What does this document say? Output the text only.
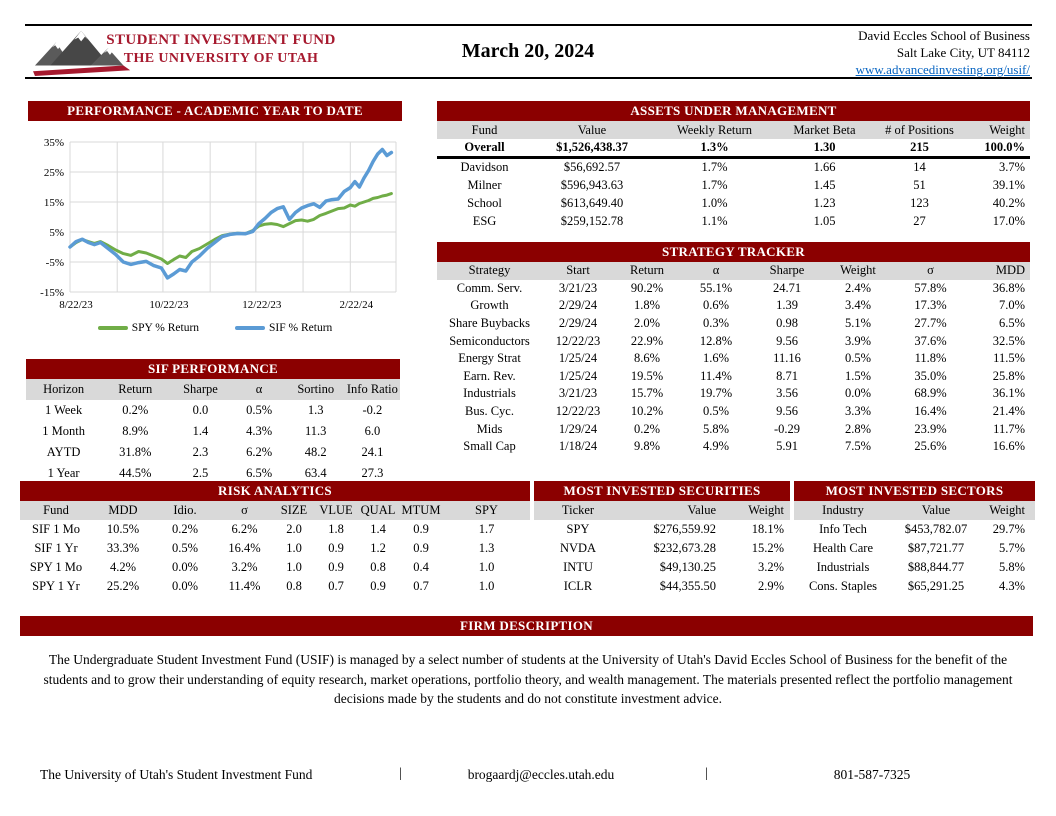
STUDENT INVESTMENT FUND
THE UNIVERSITY OF UTAH	March 20, 2024
David Eccles School of Business
Salt Lake City, UT 84112
www.advancedinvesting.org/usif/
PERFORMANCE - ACADEMIC YEAR TO DATE
35%
25%
15%
5%
-5%
-15%
8/22/23	10/22/23	12/22/23	2/22/24
SPY % Return	SIF % Return
SIF PERFORMANCE
Horizon	Return	Sharpe	α	Sortino	Info Ratio
1 Week	0.2%	0.0	0.5%	1.3	-0.2
1 Month	8.9%	1.4	4.3%	11.3	6.0
AYTD	31.8%	2.3	6.2%	48.2	24.1
1 Year	44.5%	2.5	6.5%	63.4	27.3
ASSETS UNDER MANAGEMENT
Fund	Value	Weekly Return	Market Beta	# of Positions	Weight
Overall	$1,526,438.37	1.3%	1.30	215	100.0%
Davidson	$56,692.57	1.7%	1.66	14	3.7%
Milner	$596,943.63	1.7%	1.45	51	39.1%
School	$613,649.40	1.0%	1.23	123	40.2%
ESG	$259,152.78	1.1%	1.05	27	17.0%
STRATEGY TRACKER
Strategy	Start	Return	α	Sharpe	Weight	σ	MDD
Comm. Serv.	3/21/23	90.2%	55.1%	24.71	2.4%	57.8%	36.8%
Growth	2/29/24	1.8%	0.6%	1.39	3.4%	17.3%	7.0%
Share Buybacks	2/29/24	2.0%	0.3%	0.98	5.1%	27.7%	6.5%
Semiconductors	12/22/23	22.9%	12.8%	9.56	3.9%	37.6%	32.5%
Energy Strat	1/25/24	8.6%	1.6%	11.16	0.5%	11.8%	11.5%
Earn. Rev.	1/25/24	19.5%	11.4%	8.71	1.5%	35.0%	25.8%
Industrials	3/21/23	15.7%	19.7%	3.56	0.0%	68.9%	36.1%
Bus. Cyc.	12/22/23	10.2%	0.5%	9.56	3.3%	16.4%	21.4%
Mids	1/29/24	0.2%	5.8%	-0.29	2.8%	23.9%	11.7%
Small Cap	1/18/24	9.8%	4.9%	5.91	7.5%	25.6%	16.6%
RISK ANALYTICS
Fund	MDD	Idio.	σ	SIZE	VLUE	QUAL	MTUM	SPY
SIF 1 Mo	10.5%	0.2%	6.2%	2.0	1.8	1.4	0.9	1.7
SIF 1 Yr	33.3%	0.5%	16.4%	1.0	0.9	1.2	0.9	1.3
SPY 1 Mo	4.2%	0.0%	3.2%	1.0	0.9	0.8	0.4	1.0
SPY 1 Yr	25.2%	0.0%	11.4%	0.8	0.7	0.9	0.7	1.0
MOST INVESTED SECURITIES
Ticker	Value	Weight
SPY	$276,559.92	18.1%
NVDA	$232,673.28	15.2%
INTU	$49,130.25	3.2%
ICLR	$44,355.50	2.9%
MOST INVESTED SECTORS
Industry	Value	Weight
Info Tech	$453,782.07	29.7%
Health Care	$87,721.77	5.7%
Industrials	$88,844.77	5.8%
Cons. Staples	$65,291.25	4.3%
FIRM DESCRIPTION
The Undergraduate Student Investment Fund (USIF) is managed by a select number of students at the University of Utah's David Eccles School of Business for the benefit of the students and to grow their understanding of equity research, market operations, portfolio theory, and wealth management. The materials presented reflect the portfolio management decisions made by the students and do not constitute investment advice.
The University of Utah's Student Investment Fund	|	brogaardj@eccles.utah.edu	|	801-587-7325
